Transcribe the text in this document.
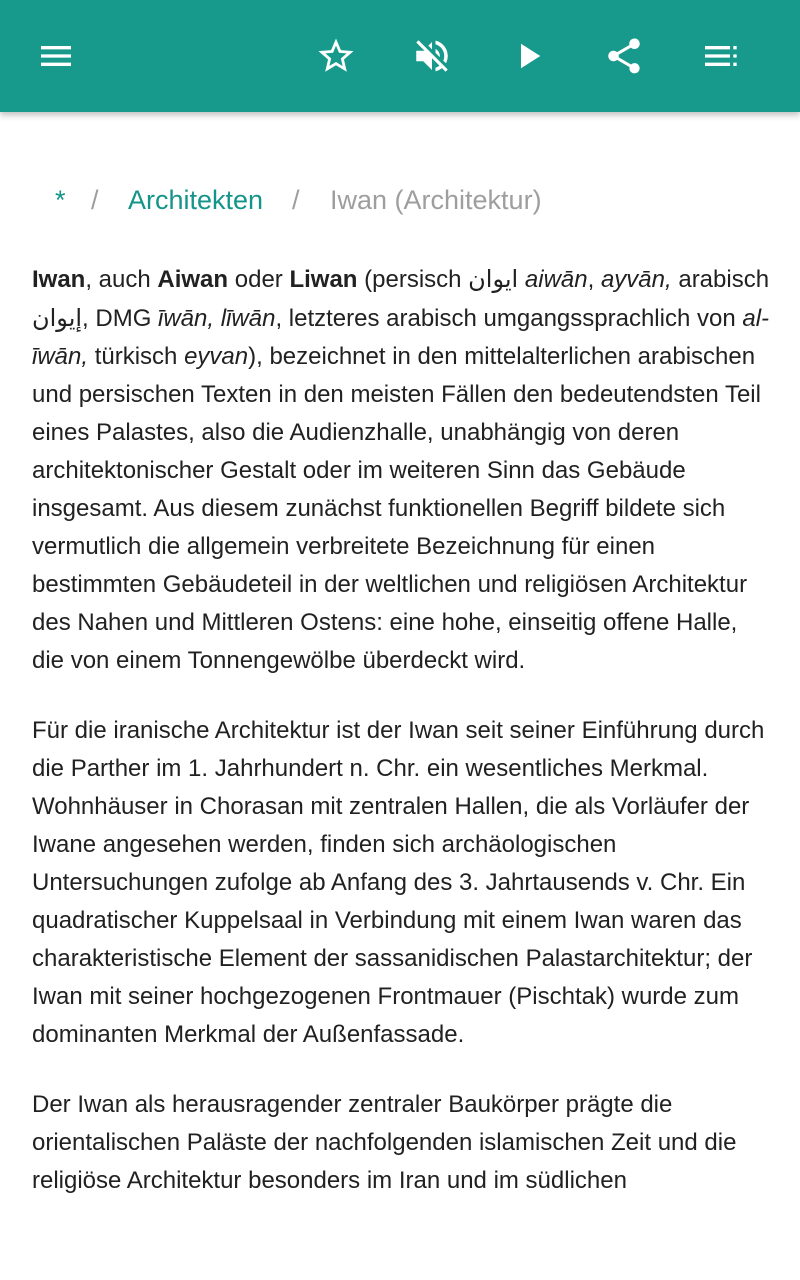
* / Architekten / Iwan (Architektur)

Iwan, auch Aiwan oder Liwan (persisch ایوان aiwān, ayvān, arabisch إيوان, DMG īwān, līwān, letzteres arabisch umgangssprachlich von al-īwān, türkisch eyvan), bezeichnet in den mittelalterlichen arabischen und persischen Texten in den meisten Fällen den bedeutendsten Teil eines Palastes, also die Audienzhalle, unabhängig von deren architektonischer Gestalt oder im weiteren Sinn das Gebäude insgesamt. Aus diesem zunächst funktionellen Begriff bildete sich vermutlich die allgemein verbreitete Bezeichnung für einen bestimmten Gebäudeteil in der weltlichen und religiösen Architektur des Nahen und Mittleren Ostens: eine hohe, einseitig offene Halle, die von einem Tonnengewölbe überdeckt wird.

Für die iranische Architektur ist der Iwan seit seiner Einführung durch die Parther im 1. Jahrhundert n. Chr. ein wesentliches Merkmal. Wohnhäuser in Chorasan mit zentralen Hallen, die als Vorläufer der Iwane angesehen werden, finden sich archäologischen Untersuchungen zufolge ab Anfang des 3. Jahrtausends v. Chr. Ein quadratischer Kuppelsaal in Verbindung mit einem Iwan waren das charakteristische Element der sassanidischen Palastarchitektur; der Iwan mit seiner hochgezogenen Frontmauer (Pischtak) wurde zum dominanten Merkmal der Außenfassade.

Der Iwan als herausragender zentraler Baukörper prägte die orientalischen Paläste der nachfolgenden islamischen Zeit und die religiöse Architektur besonders im Iran und im südlichen
